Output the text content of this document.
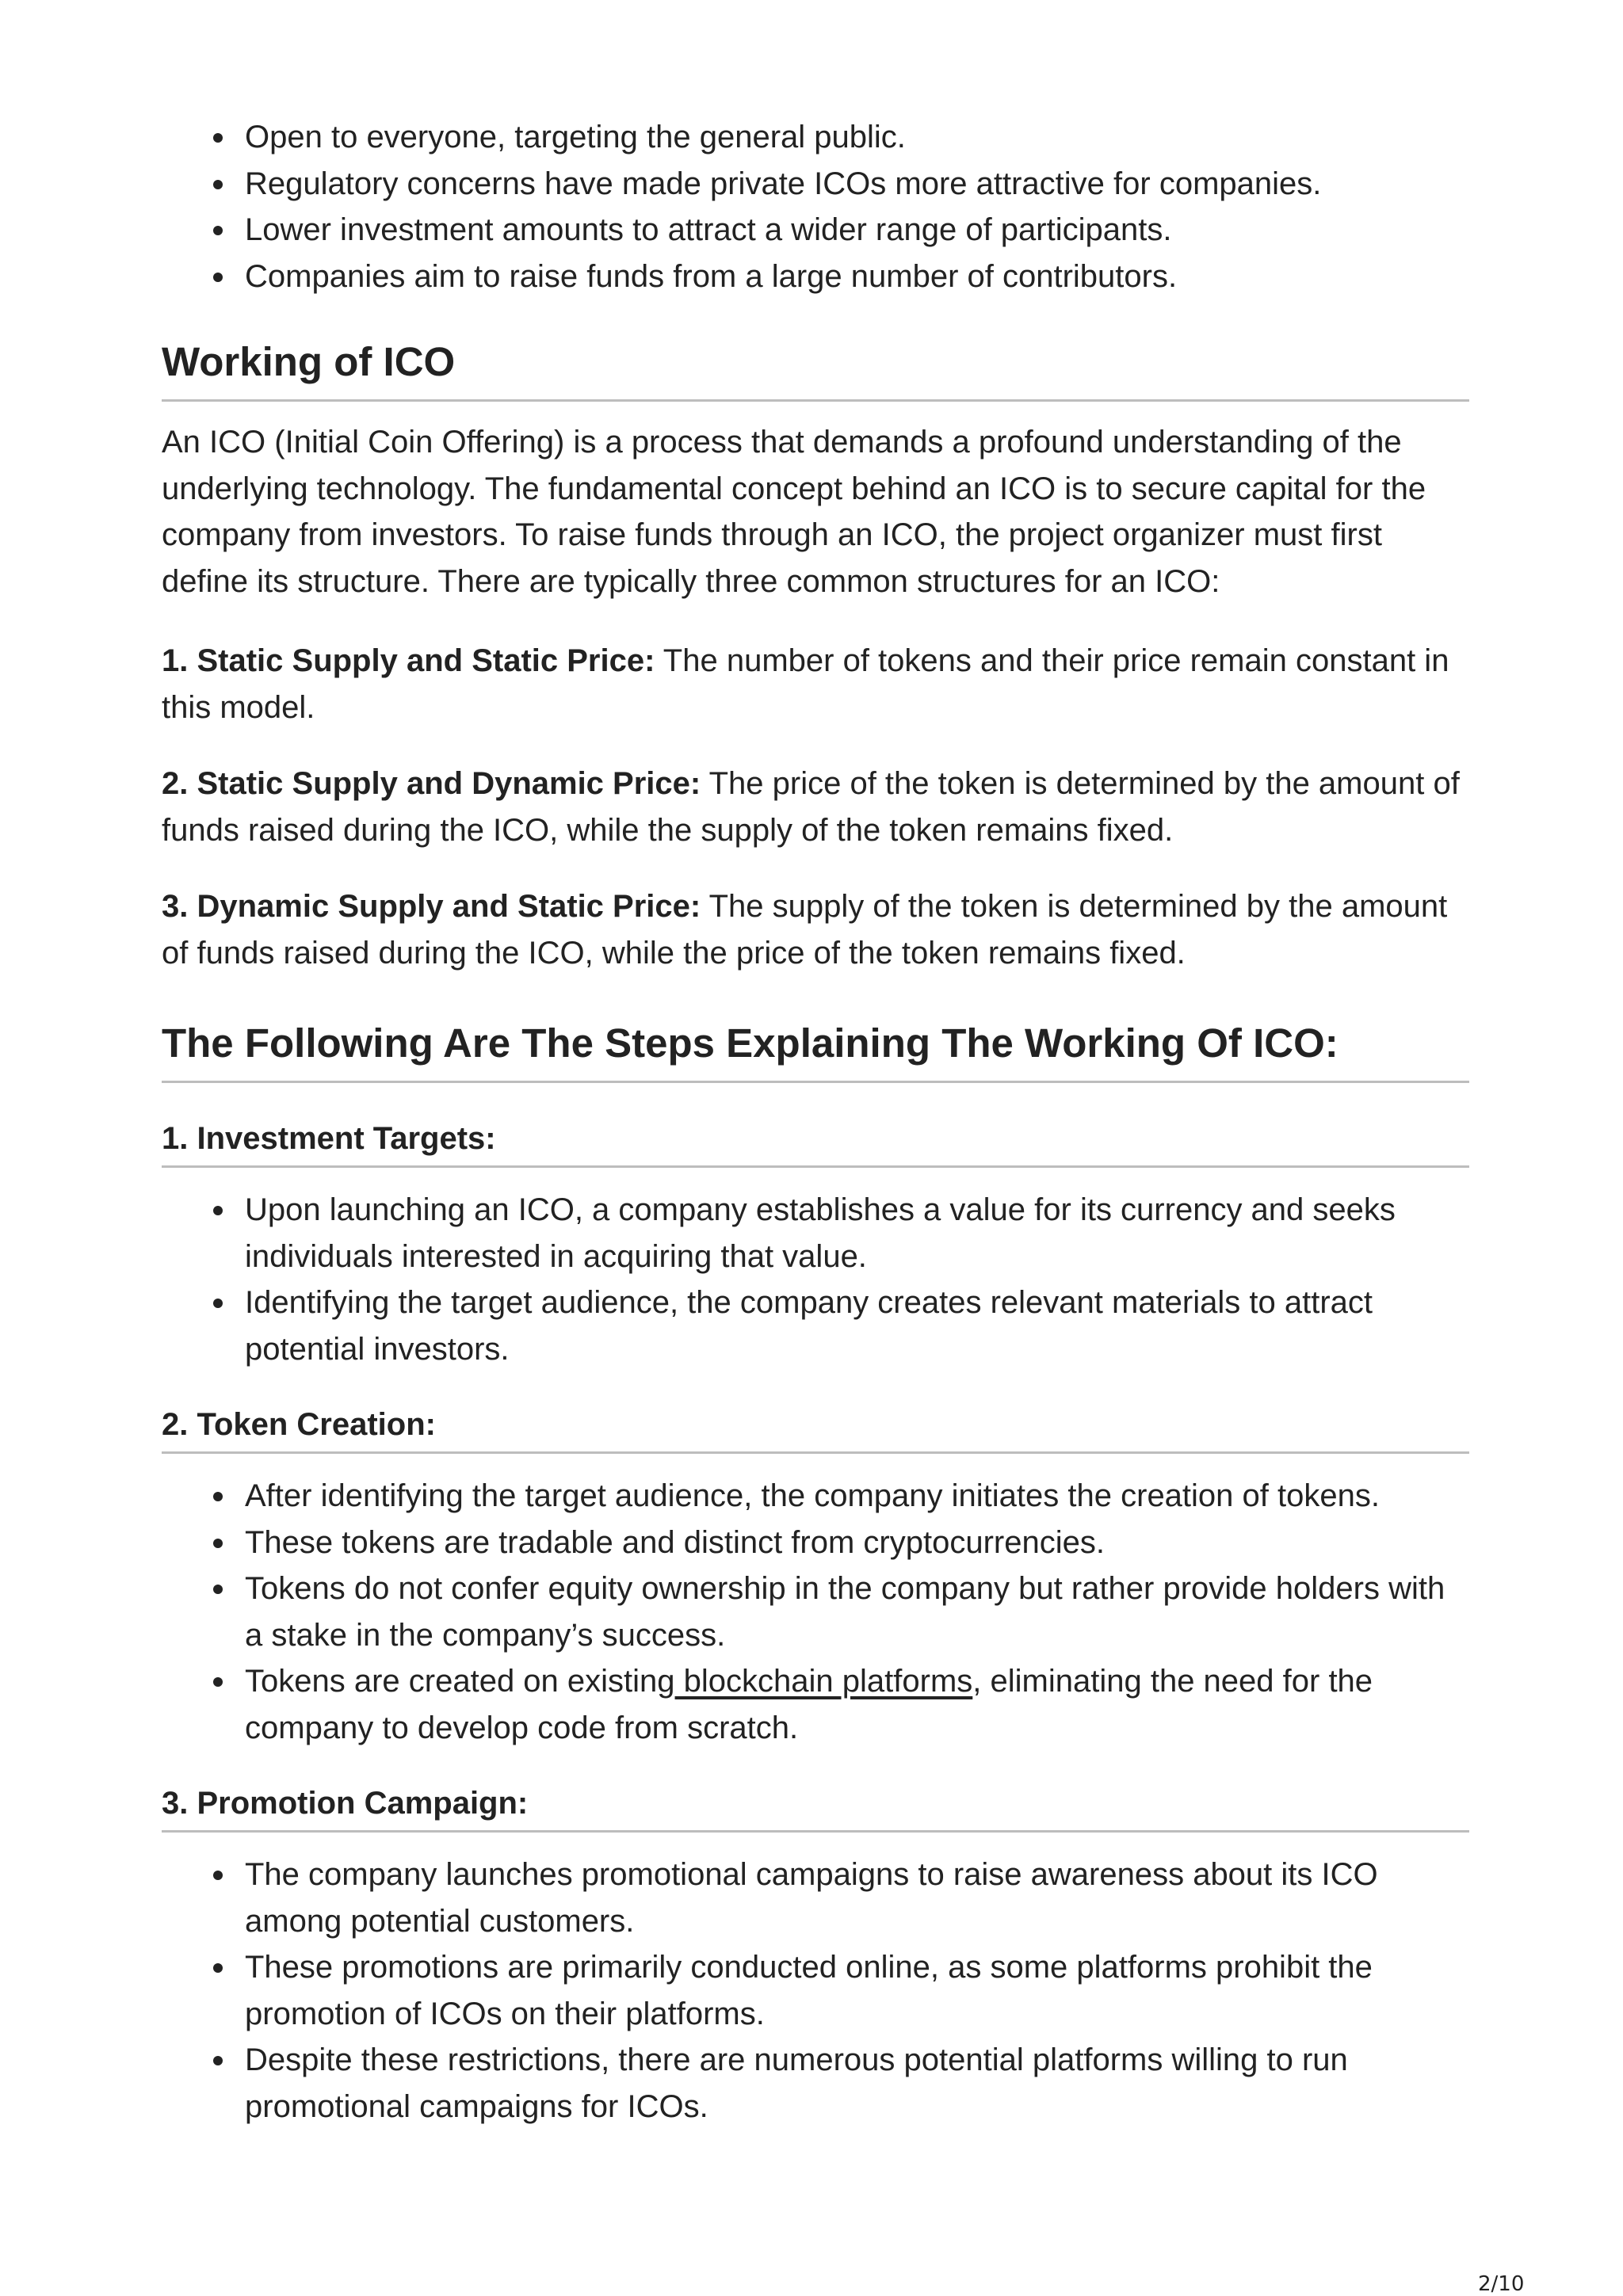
Open to everyone, targeting the general public.
Regulatory concerns have made private ICOs more attractive for companies.
Lower investment amounts to attract a wider range of participants.
Companies aim to raise funds from a large number of contributors.
Working of ICO

An ICO (Initial Coin Offering) is a process that demands a profound understanding of the underlying technology. The fundamental concept behind an ICO is to secure capital for the company from investors. To raise funds through an ICO, the project organizer must first define its structure. There are typically three common structures for an ICO:

1. Static Supply and Static Price: The number of tokens and their price remain constant in this model.

2. Static Supply and Dynamic Price: The price of the token is determined by the amount of funds raised during the ICO, while the supply of the token remains fixed.

3. Dynamic Supply and Static Price: The supply of the token is determined by the amount of funds raised during the ICO, while the price of the token remains fixed.

The Following Are The Steps Explaining The Working Of ICO:
1. Investment Targets:
Upon launching an ICO, a company establishes a value for its currency and seeks individuals interested in acquiring that value.
Identifying the target audience, the company creates relevant materials to attract potential investors.
2. Token Creation:
After identifying the target audience, the company initiates the creation of tokens.
These tokens are tradable and distinct from cryptocurrencies.
Tokens do not confer equity ownership in the company but rather provide holders with a stake in the company’s success.
Tokens are created on existing blockchain platforms, eliminating the need for the company to develop code from scratch.
3. Promotion Campaign:
The company launches promotional campaigns to raise awareness about its ICO among potential customers.
These promotions are primarily conducted online, as some platforms prohibit the promotion of ICOs on their platforms.
Despite these restrictions, there are numerous potential platforms willing to run promotional campaigns for ICOs.
2/10
